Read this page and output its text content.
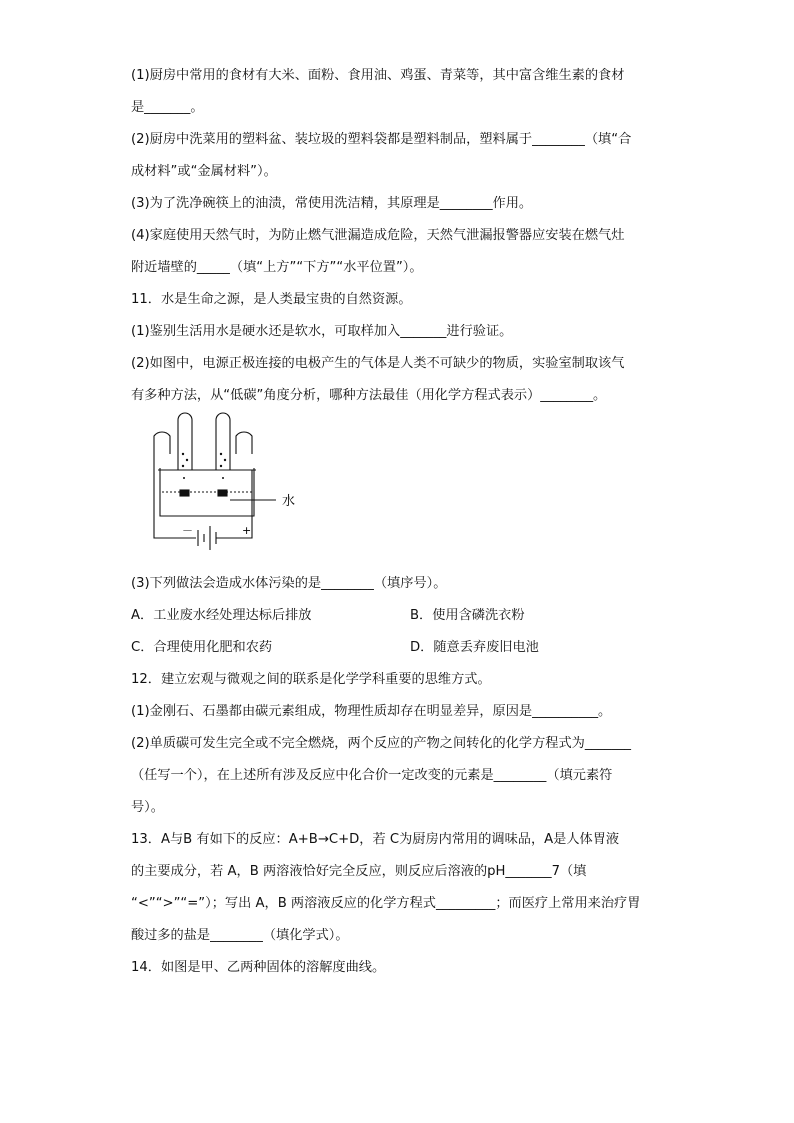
(1)厨房中常用的食材有大米、面粉、食用油、鸡蛋、青菜等，其中富含维生素的食材
是_______。
(2)厨房中洗菜用的塑料盆、装垃圾的塑料袋都是塑料制品，塑料属于________（填“合
成材料”或“金属材料”）。
(3)为了洗净碗筷上的油渍，常使用洗洁精，其原理是________作用。
(4)家庭使用天然气时，为防止燃气泄漏造成危险，天然气泄漏报警器应安装在燃气灶
附近墙壁的_____（填“上方”“下方”“水平位置”）。
11．水是生命之源，是人类最宝贵的自然资源。
(1)鉴别生活用水是硬水还是软水，可取样加入_______进行验证。
(2)如图中，电源正极连接的电极产生的气体是人类不可缺少的物质，实验室制取该气
有多种方法，从“低碳”角度分析，哪种方法最佳（用化学方程式表示）________。
水
－	+
(3)下列做法会造成水体污染的是________（填序号）。
A．工业废水经处理达标后排放	B．使用含磷洗衣粉
C．合理使用化肥和农药	D．随意丢弃废旧电池
12．建立宏观与微观之间的联系是化学学科重要的思维方式。
(1)金刚石、石墨都由碳元素组成，物理性质却存在明显差异，原因是__________。
(2)单质碳可发生完全或不完全燃烧，两个反应的产物之间转化的化学方程式为_______
（任写一个），在上述所有涉及反应中化合价一定改变的元素是________（填元素符
号）。
13．A与B 有如下的反应：A+B→C+D，若 C为厨房内常用的调味品，A是人体胃液
的主要成分，若 A，B 两溶液恰好完全反应，则反应后溶液的pH_______7（填
“<”“>”“=”）；写出 A，B 两溶液反应的化学方程式_________；而医疗上常用来治疗胃
酸过多的盐是________（填化学式）。
14．如图是甲、乙两种固体的溶解度曲线。
